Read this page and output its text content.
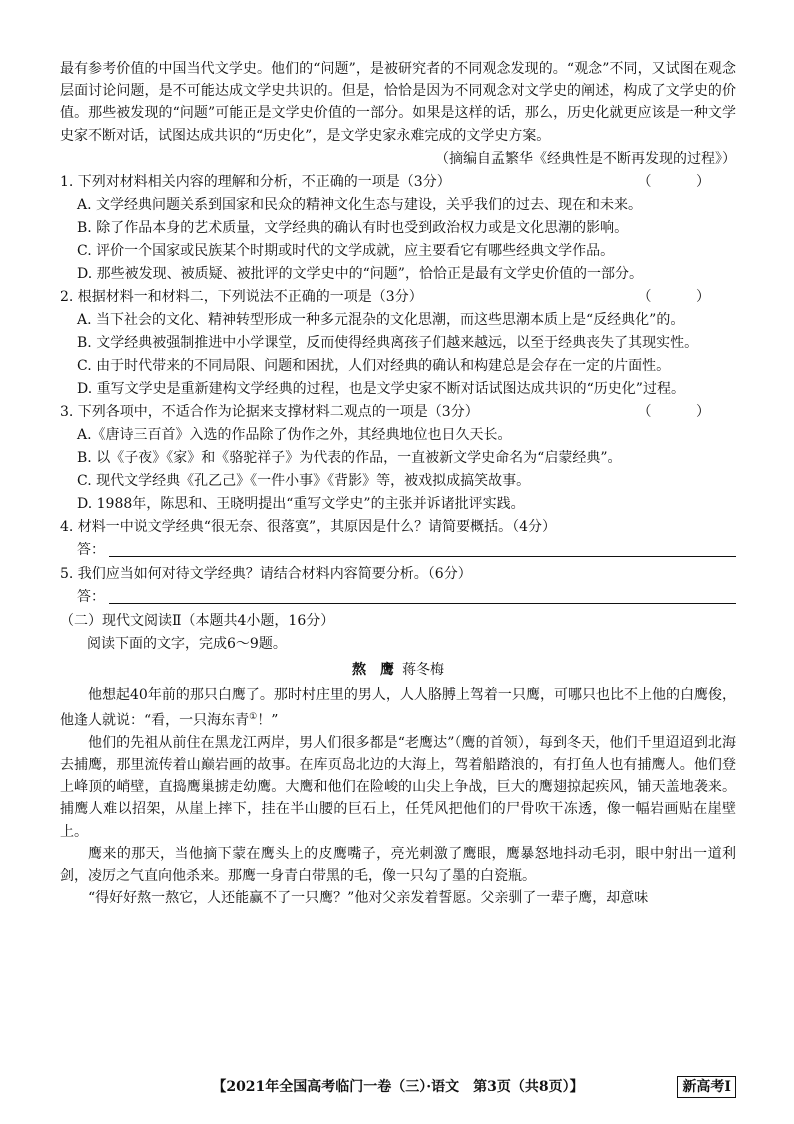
最有参考价值的中国当代文学史。他们的“问题”，是被研究者的不同观念发现的。“观念”不同，又试图在观念层面讨论问题，是不可能达成文学史共识的。但是，恰恰是因为不同观念对文学史的阐述，构成了文学史的价值。那些被发现的“问题”可能正是文学史价值的一部分。如果是这样的话，那么，历史化就更应该是一种文学史家不断对话，试图达成共识的“历史化”，是文学史家永难完成的文学史方案。

（摘编自孟繁华《经典性是不断再发现的过程》）

1. 下列对材料相关内容的理解和分析，不正确的一项是（3分）	（ ）

A. 文学经典问题关系到国家和民众的精神文化生态与建设，关乎我们的过去、现在和未来。

B. 除了作品本身的艺术质量，文学经典的确认有时也受到政治权力或是文化思潮的影响。

C. 评价一个国家或民族某个时期或时代的文学成就，应主要看它有哪些经典文学作品。

D. 那些被发现、被质疑、被批评的文学史中的“问题”，恰恰正是最有文学史价值的一部分。

2. 根据材料一和材料二，下列说法不正确的一项是（3分）	（ ）

A. 当下社会的文化、精神转型形成一种多元混杂的文化思潮，而这些思潮本质上是“反经典化”的。

B. 文学经典被强制推进中小学课堂，反而使得经典离孩子们越来越远，以至于经典丧失了其现实性。

C. 由于时代带来的不同局限、问题和困扰，人们对经典的确认和构建总是会存在一定的片面性。

D. 重写文学史是重新建构文学经典的过程，也是文学史家不断对话试图达成共识的“历史化”过程。

3. 下列各项中，不适合作为论据来支撑材料二观点的一项是（3分）	（ ）

A.《唐诗三百首》入选的作品除了伪作之外，其经典地位也日久天长。

B. 以《子夜》《家》和《骆驼祥子》为代表的作品，一直被新文学史命名为“启蒙经典”。

C. 现代文学经典《孔乙己》《一件小事》《背影》等，被戏拟成搞笑故事。

D. 1988年，陈思和、王晓明提出“重写文学史”的主张并诉诸批评实践。

4. 材料一中说文学经典“很无奈、很落寞”，其原因是什么？请简要概括。（4分）

答：

5. 我们应当如何对待文学经典？请结合材料内容简要分析。（6分）

答：

（二）现代文阅读Ⅱ（本题共4小题，16分）

阅读下面的文字，完成6～9题。

熬　鹰 蒋冬梅

他想起40年前的那只白鹰了。那时村庄里的男人，人人胳膊上驾着一只鹰，可哪只也比不上他的白鹰俊，他逢人就说：“看，一只海东青①！”

他们的先祖从前住在黑龙江两岸，男人们很多都是“老鹰达”（鹰的首领），每到冬天，他们千里迢迢到北海去捕鹰，那里流传着山巅岩画的故事。在库页岛北边的大海上，驾着船踏浪的，有打鱼人也有捕鹰人。他们登上峰顶的峭壁，直捣鹰巢掳走幼鹰。大鹰和他们在险峻的山尖上争战，巨大的鹰翅掠起疾风，铺天盖地袭来。捕鹰人难以招架，从崖上摔下，挂在半山腰的巨石上，任凭风把他们的尸骨吹干冻透，像一幅岩画贴在崖壁上。

鹰来的那天，当他摘下蒙在鹰头上的皮鹰嘴子，亮光刺激了鹰眼，鹰暴怒地抖动毛羽，眼中射出一道利剑，凌厉之气直向他杀来。那鹰一身青白带黑的毛，像一只勾了墨的白瓷瓶。

“得好好熬一熬它，人还能赢不了一只鹰？”他对父亲发着誓愿。父亲驯了一辈子鹰，却意味

【2021年全国高考临门一卷（三）·语文　第3页（共8页）】	新高考Ⅰ
